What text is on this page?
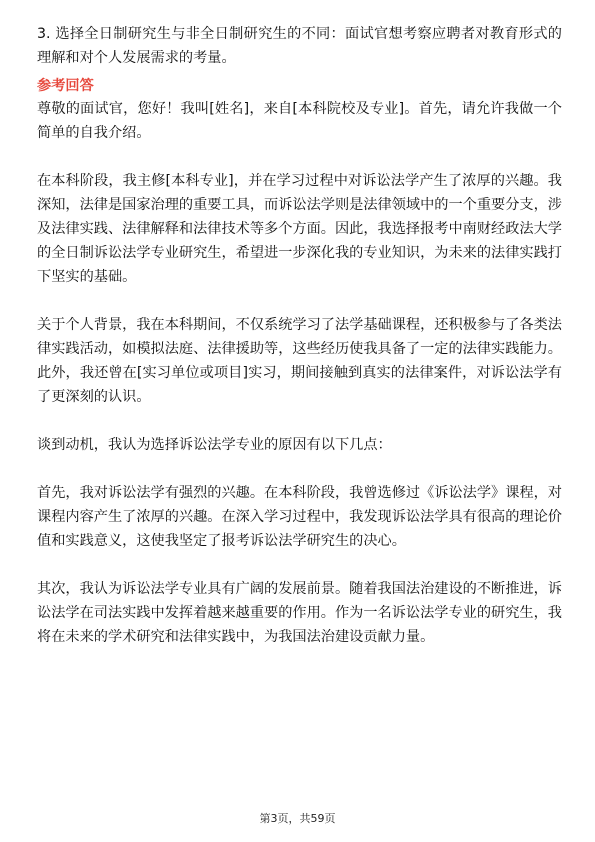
3. 选择全日制研究生与非全日制研究生的不同：面试官想考察应聘者对教育形式的理解和对个人发展需求的考量。

参考回答

尊敬的面试官，您好！我叫[姓名]，来自[本科院校及专业]。首先，请允许我做一个简单的自我介绍。

在本科阶段，我主修[本科专业]，并在学习过程中对诉讼法学产生了浓厚的兴趣。我深知，法律是国家治理的重要工具，而诉讼法学则是法律领域中的一个重要分支，涉及法律实践、法律解释和法律技术等多个方面。因此，我选择报考中南财经政法大学的全日制诉讼法学专业研究生，希望进一步深化我的专业知识，为未来的法律实践打下坚实的基础。

关于个人背景，我在本科期间，不仅系统学习了法学基础课程，还积极参与了各类法律实践活动，如模拟法庭、法律援助等，这些经历使我具备了一定的法律实践能力。此外，我还曾在[实习单位或项目]实习，期间接触到真实的法律案件，对诉讼法学有了更深刻的认识。

谈到动机，我认为选择诉讼法学专业的原因有以下几点：

首先，我对诉讼法学有强烈的兴趣。在本科阶段，我曾选修过《诉讼法学》课程，对课程内容产生了浓厚的兴趣。在深入学习过程中，我发现诉讼法学具有很高的理论价值和实践意义，这使我坚定了报考诉讼法学研究生的决心。

其次，我认为诉讼法学专业具有广阔的发展前景。随着我国法治建设的不断推进，诉讼法学在司法实践中发挥着越来越重要的作用。作为一名诉讼法学专业的研究生，我将在未来的学术研究和法律实践中，为我国法治建设贡献力量。

第3页，共59页
